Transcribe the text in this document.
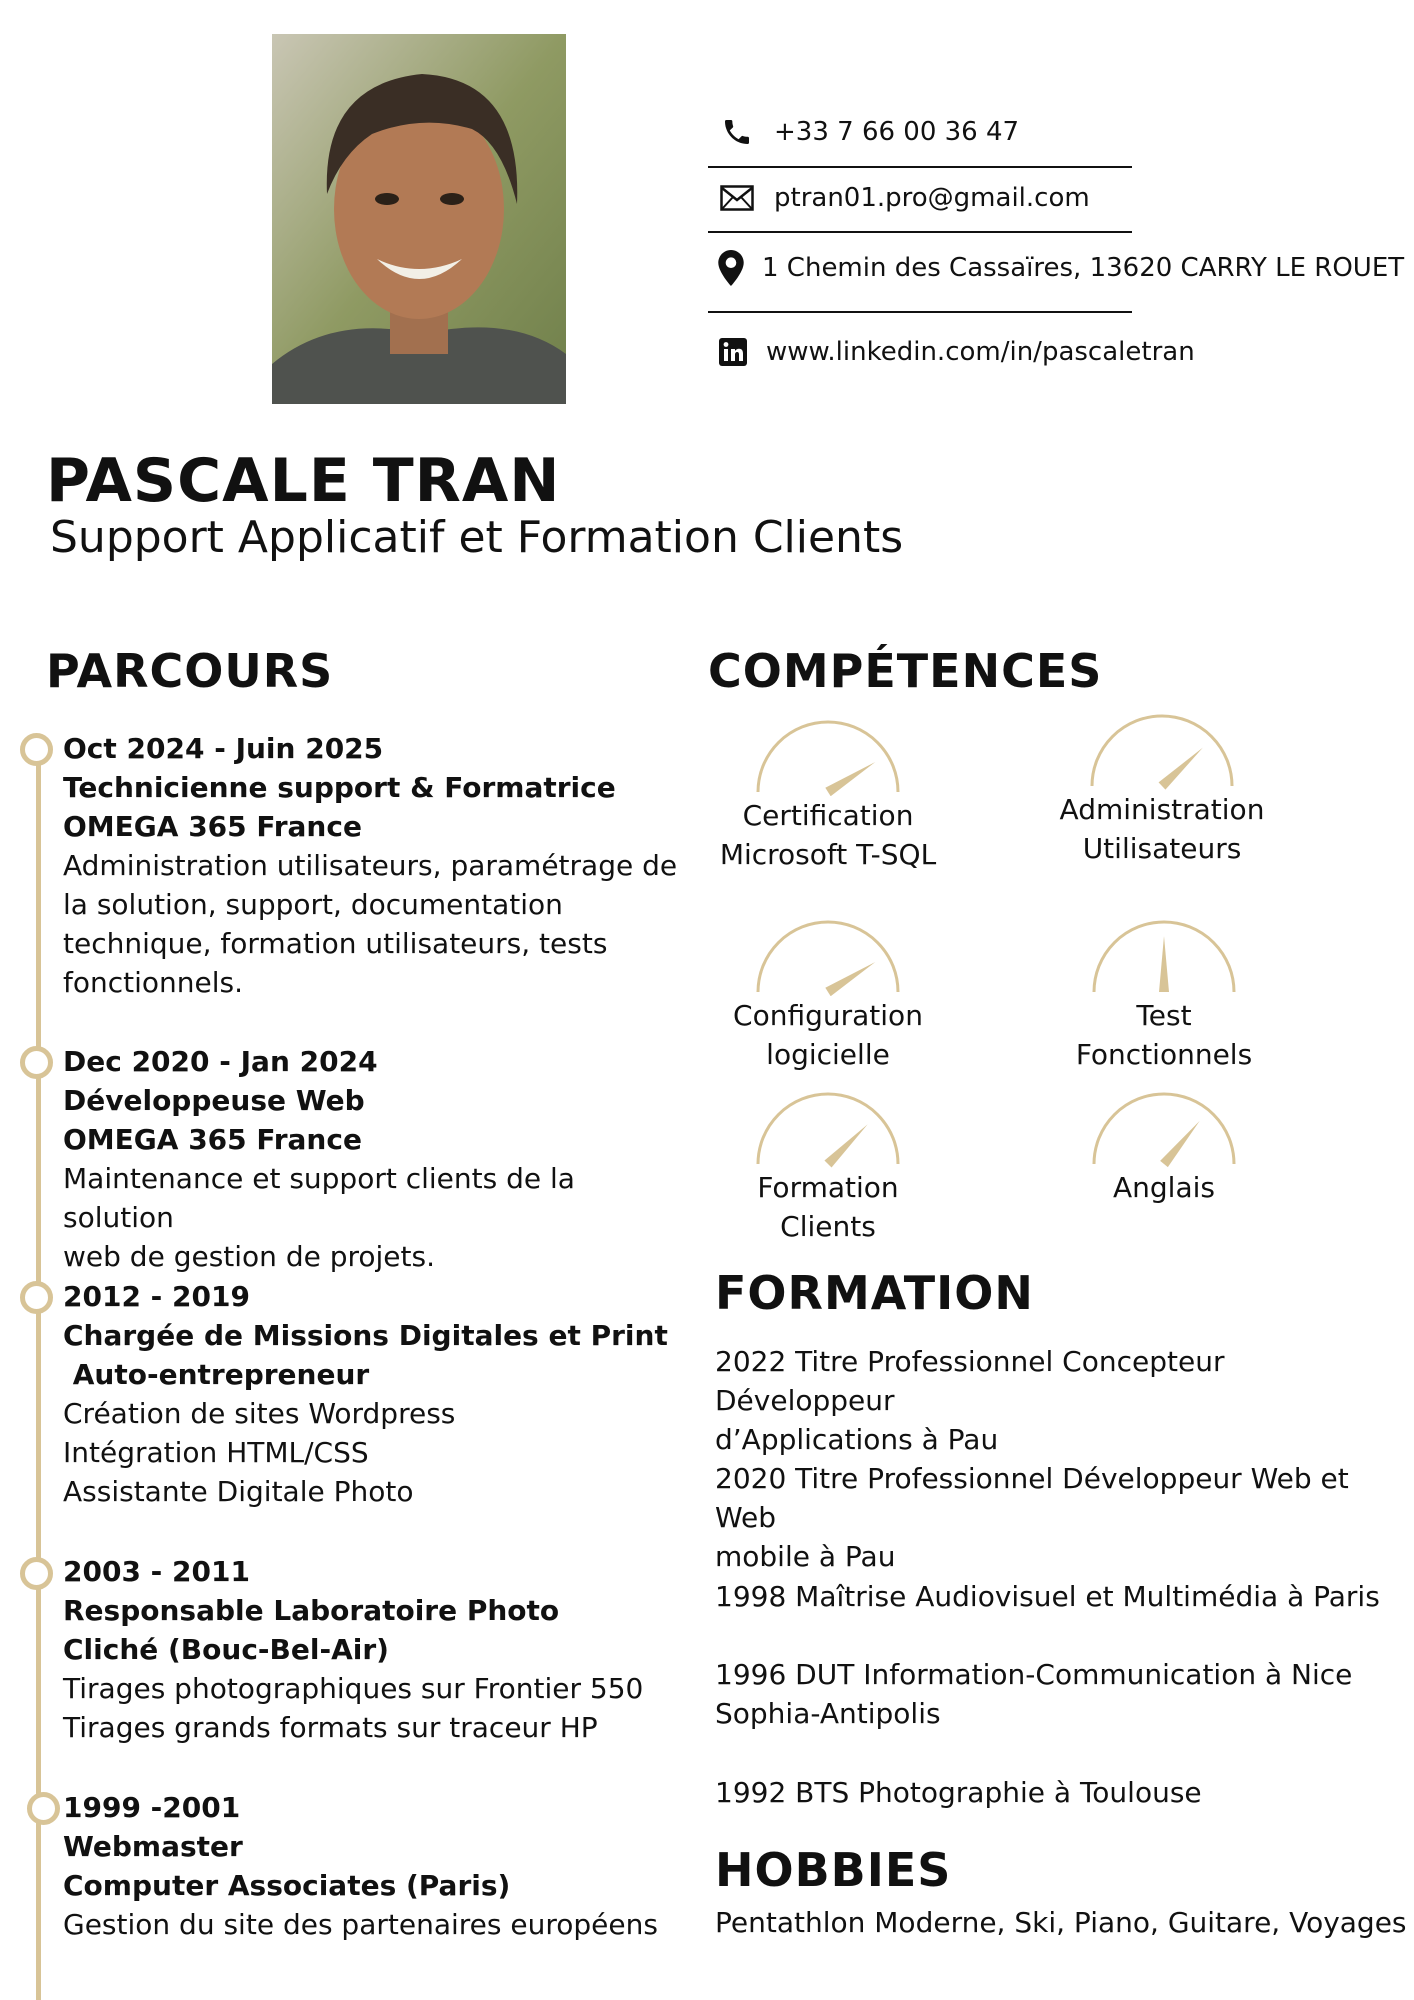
+33 7 66 00 36 47
ptran01.pro@gmail.com
1 Chemin des Cassaïres, 13620 CARRY LE ROUET
www.linkedin.com/in/pascaletran
PASCALE TRAN
Support Applicatif et Formation Clients
PARCOURS	COMPÉTENCES
FORMATION
HOBBIES
Oct 2024 - Juin 2025
Technicienne support & Formatrice
OMEGA 365 France
Administration utilisateurs, paramétrage de
la solution, support, documentation
technique, formation utilisateurs, tests
fonctionnels.
Dec 2020 - Jan 2024
Développeuse Web
OMEGA 365 France
Maintenance et support clients de la solution
web de gestion de projets.
2012 - 2019
Chargée de Missions Digitales et Print
Auto-entrepreneur
Création de sites Wordpress
Intégration HTML/CSS
Assistante Digitale Photo
2003 - 2011
Responsable Laboratoire Photo
Cliché (Bouc-Bel-Air)
Tirages photographiques sur Frontier 550
Tirages grands formats sur traceur HP
1999 -2001
Webmaster
Computer Associates (Paris)
Gestion du site des partenaires européens
Certification
Microsoft T-SQL
Administration
Utilisateurs
Configuration
logicielle
Test Fonctionnels
Formation Clients
Anglais
2022 Titre Professionnel Concepteur Développeur
d’Applications à Pau
2020 Titre Professionnel Développeur Web et Web
mobile à Pau
1998 Maîtrise Audiovisuel et Multimédia à Paris
1996 DUT Information-Communication à Nice
Sophia-Antipolis
1992 BTS Photographie à Toulouse
Pentathlon Moderne, Ski, Piano, Guitare, Voyages
